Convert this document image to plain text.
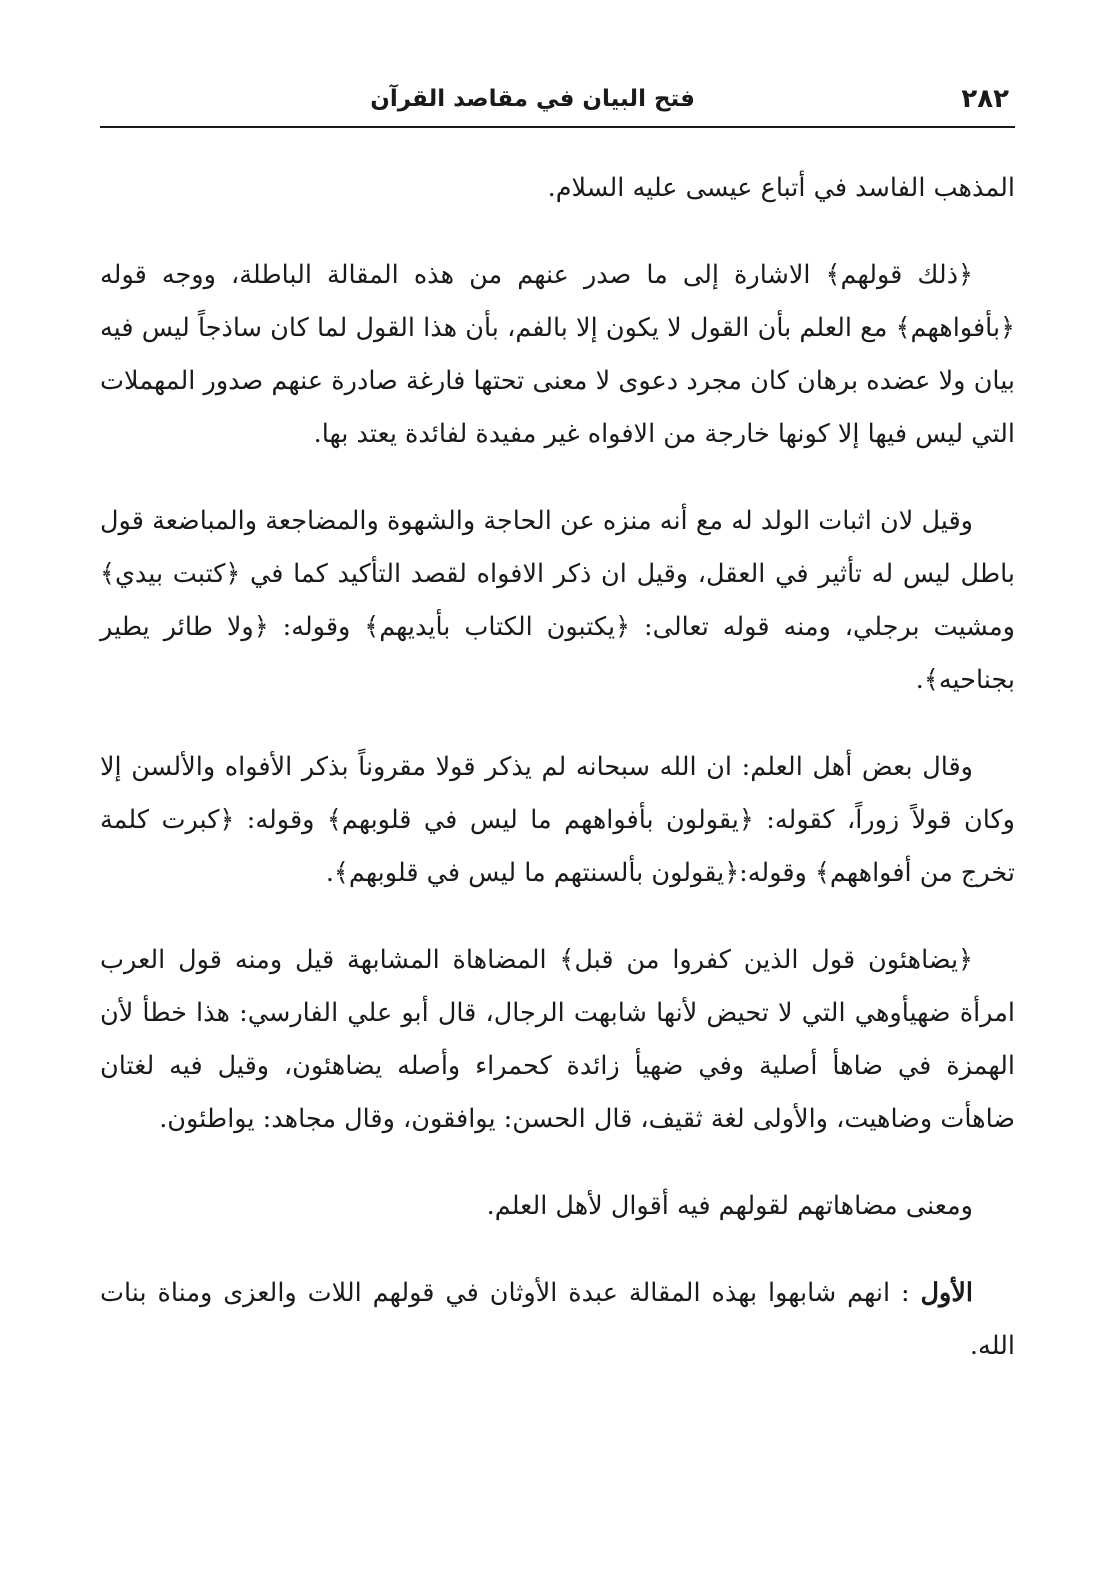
٢٨٢
فتح البيان في مقاصد القرآن

المذهب الفاسد في أتباع عيسى عليه السلام.

﴿ذلك قولهم﴾ الاشارة إلى ما صدر عنهم من هذه المقالة الباطلة، ووجه قوله ﴿بأفواههم﴾ مع العلم بأن القول لا يكون إلا بالفم، بأن هذا القول لما كان ساذجاً ليس فيه بيان ولا عضده برهان كان مجرد دعوى لا معنى تحتها فارغة صادرة عنهم صدور المهملات التي ليس فيها إلا كونها خارجة من الافواه غير مفيدة لفائدة يعتد بها.

وقيل لان اثبات الولد له مع أنه منزه عن الحاجة والشهوة والمضاجعة والمباضعة قول باطل ليس له تأثير في العقل، وقيل ان ذكر الافواه لقصد التأكيد كما في ﴿كتبت بيدي﴾ ومشيت برجلي، ومنه قوله تعالى: ﴿يكتبون الكتاب بأيديهم﴾ وقوله: ﴿ولا طائر يطير بجناحيه﴾.

وقال بعض أهل العلم: ان الله سبحانه لم يذكر قولا مقروناً بذكر الأفواه والألسن إلا وكان قولاً زوراً، كقوله: ﴿يقولون بأفواههم ما ليس في قلوبهم﴾ وقوله: ﴿كبرت كلمة تخرج من أفواههم﴾ وقوله:﴿يقولون بألسنتهم ما ليس في قلوبهم﴾.

﴿يضاهئون قول الذين كفروا من قبل﴾ المضاهاة المشابهة قيل ومنه قول العرب امرأة ضهيأوهي التي لا تحيض لأنها شابهت الرجال، قال أبو علي الفارسي: هذا خطأ لأن الهمزة في ضاهأ أصلية وفي ضهيأ زائدة كحمراء وأصله يضاهئون، وقيل فيه لغتان ضاهأت وضاهيت، والأولى لغة ثقيف، قال الحسن: يوافقون، وقال مجاهد: يواطئون.

ومعنى مضاهاتهم لقولهم فيه أقوال لأهل العلم.

الأول : انهم شابهوا بهذه المقالة عبدة الأوثان في قولهم اللات والعزى ومناة بنات الله.
